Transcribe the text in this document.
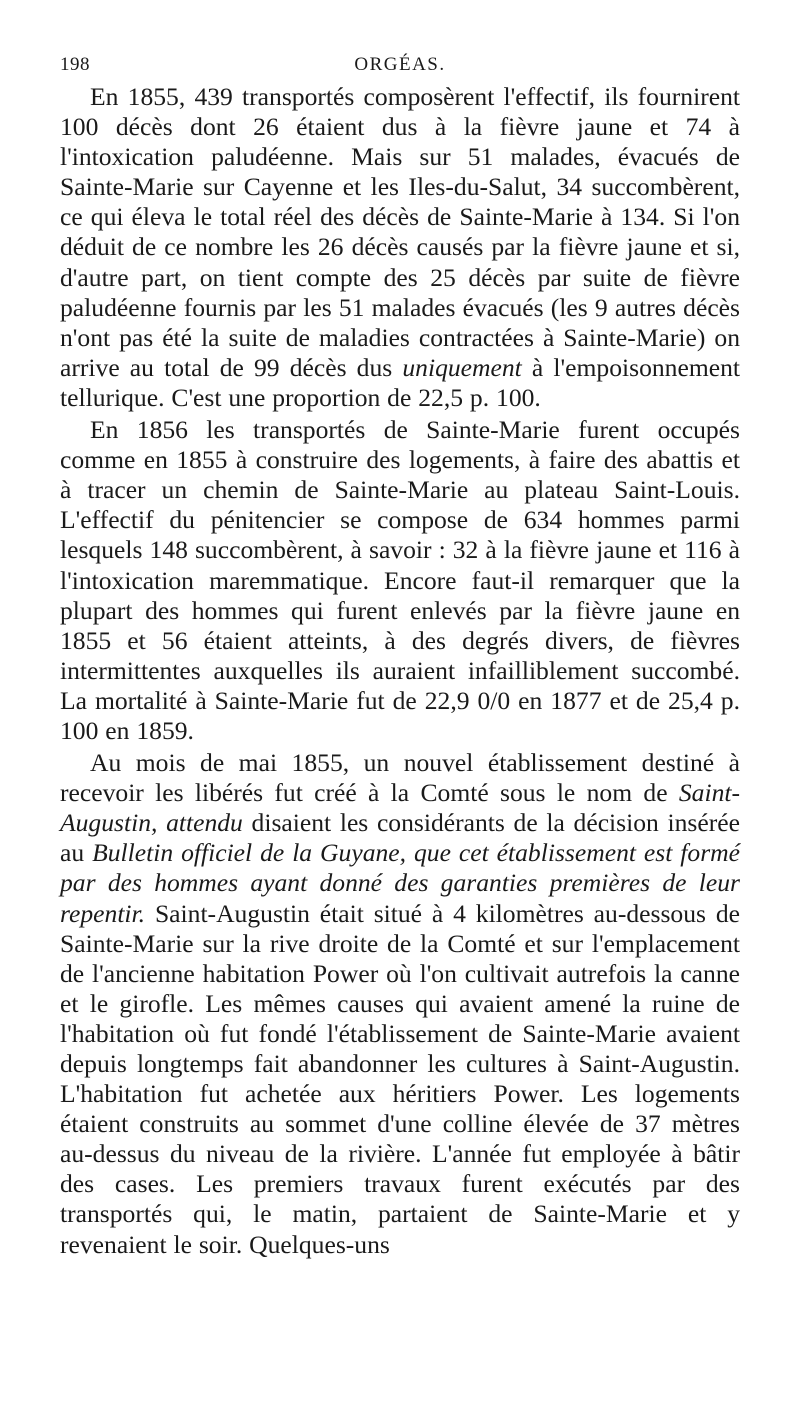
198	ORGÉAS.

En 1855, 439 transportés composèrent l'effectif, ils fournirent 100 décès dont 26 étaient dus à la fièvre jaune et 74 à l'intoxication paludéenne. Mais sur 51 malades, évacués de Sainte-Marie sur Cayenne et les Iles-du-Salut, 34 succombèrent, ce qui éleva le total réel des décès de Sainte-Marie à 134. Si l'on déduit de ce nombre les 26 décès causés par la fièvre jaune et si, d'autre part, on tient compte des 25 décès par suite de fièvre paludéenne fournis par les 51 malades évacués (les 9 autres décès n'ont pas été la suite de maladies contractées à Sainte-Marie) on arrive au total de 99 décès dus uniquement à l'empoisonnement tellurique. C'est une proportion de 22,5 p. 100.

En 1856 les transportés de Sainte-Marie furent occupés comme en 1855 à construire des logements, à faire des abattis et à tracer un chemin de Sainte-Marie au plateau Saint-Louis. L'effectif du pénitencier se compose de 634 hommes parmi lesquels 148 succombèrent, à savoir : 32 à la fièvre jaune et 116 à l'intoxication maremmatique. Encore faut-il remarquer que la plupart des hommes qui furent enlevés par la fièvre jaune en 1855 et 56 étaient atteints, à des degrés divers, de fièvres intermittentes auxquelles ils auraient infailliblement succombé. La mortalité à Sainte-Marie fut de 22,9 0/0 en 1877 et de 25,4 p. 100 en 1859.

Au mois de mai 1855, un nouvel établissement destiné à recevoir les libérés fut créé à la Comté sous le nom de Saint-Augustin, attendu disaient les considérants de la décision insérée au Bulletin officiel de la Guyane, que cet établissement est formé par des hommes ayant donné des garanties premières de leur repentir. Saint-Augustin était situé à 4 kilomètres au-dessous de Sainte-Marie sur la rive droite de la Comté et sur l'emplacement de l'ancienne habitation Power où l'on cultivait autrefois la canne et le girofle. Les mêmes causes qui avaient amené la ruine de l'habitation où fut fondé l'établissement de Sainte-Marie avaient depuis longtemps fait abandonner les cultures à Saint-Augustin. L'habitation fut achetée aux héritiers Power. Les logements étaient construits au sommet d'une colline élevée de 37 mètres au-dessus du niveau de la rivière. L'année fut employée à bâtir des cases. Les premiers travaux furent exécutés par des transportés qui, le matin, partaient de Sainte-Marie et y revenaient le soir. Quelques-uns
